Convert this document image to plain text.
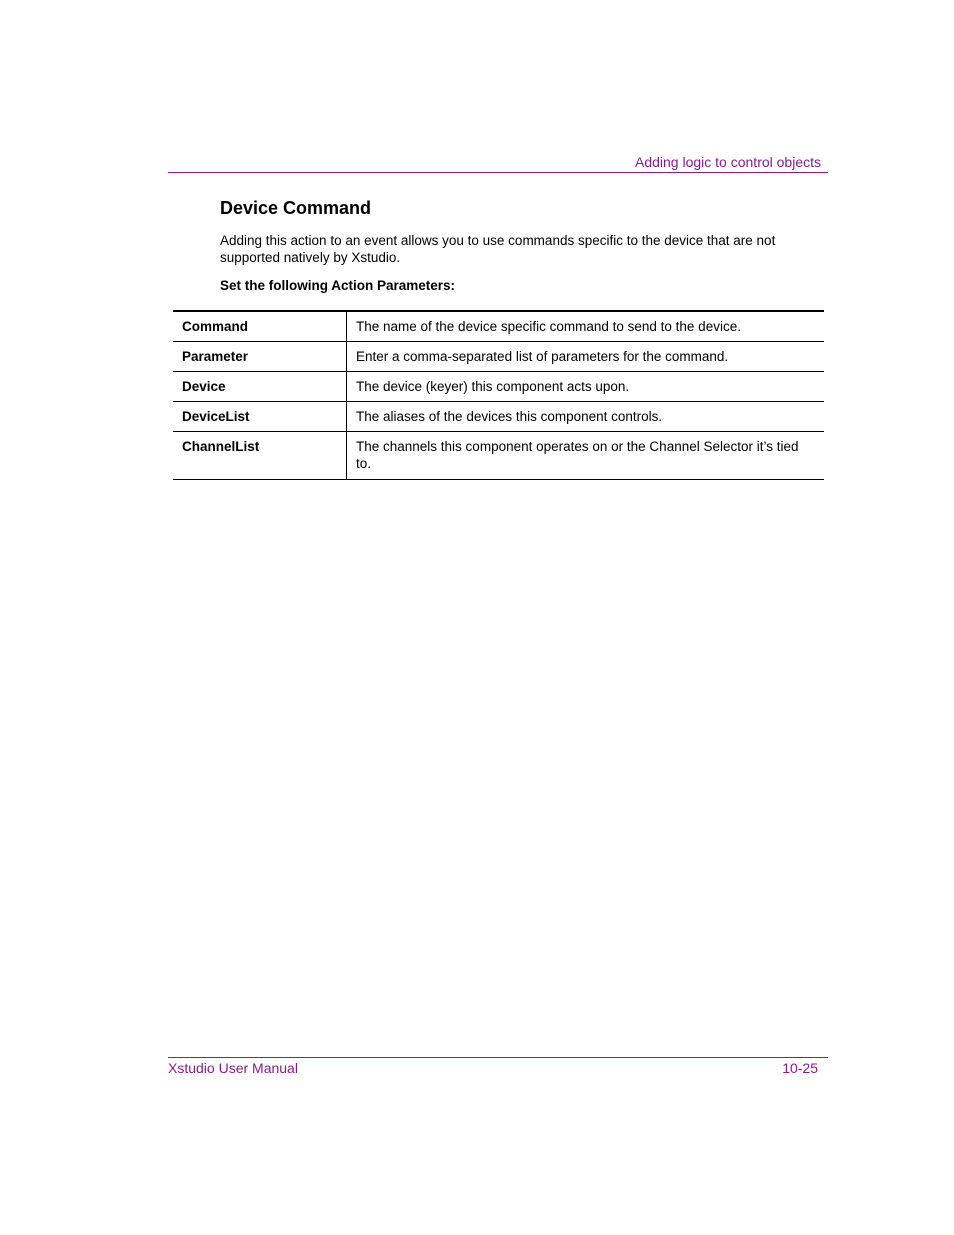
Adding logic to control objects
Device Command

Adding this action to an event allows you to use commands specific to the device that are not supported natively by Xstudio.

Set the following Action Parameters:

Command	The name of the device specific command to send to the device.
Parameter	Enter a comma-separated list of parameters for the command.
Device	The device (keyer) this component acts upon.
DeviceList	The aliases of the devices this component controls.
ChannelList	The channels this component operates on or the Channel Selector it’s tied to.
Xstudio User Manual	10-25
